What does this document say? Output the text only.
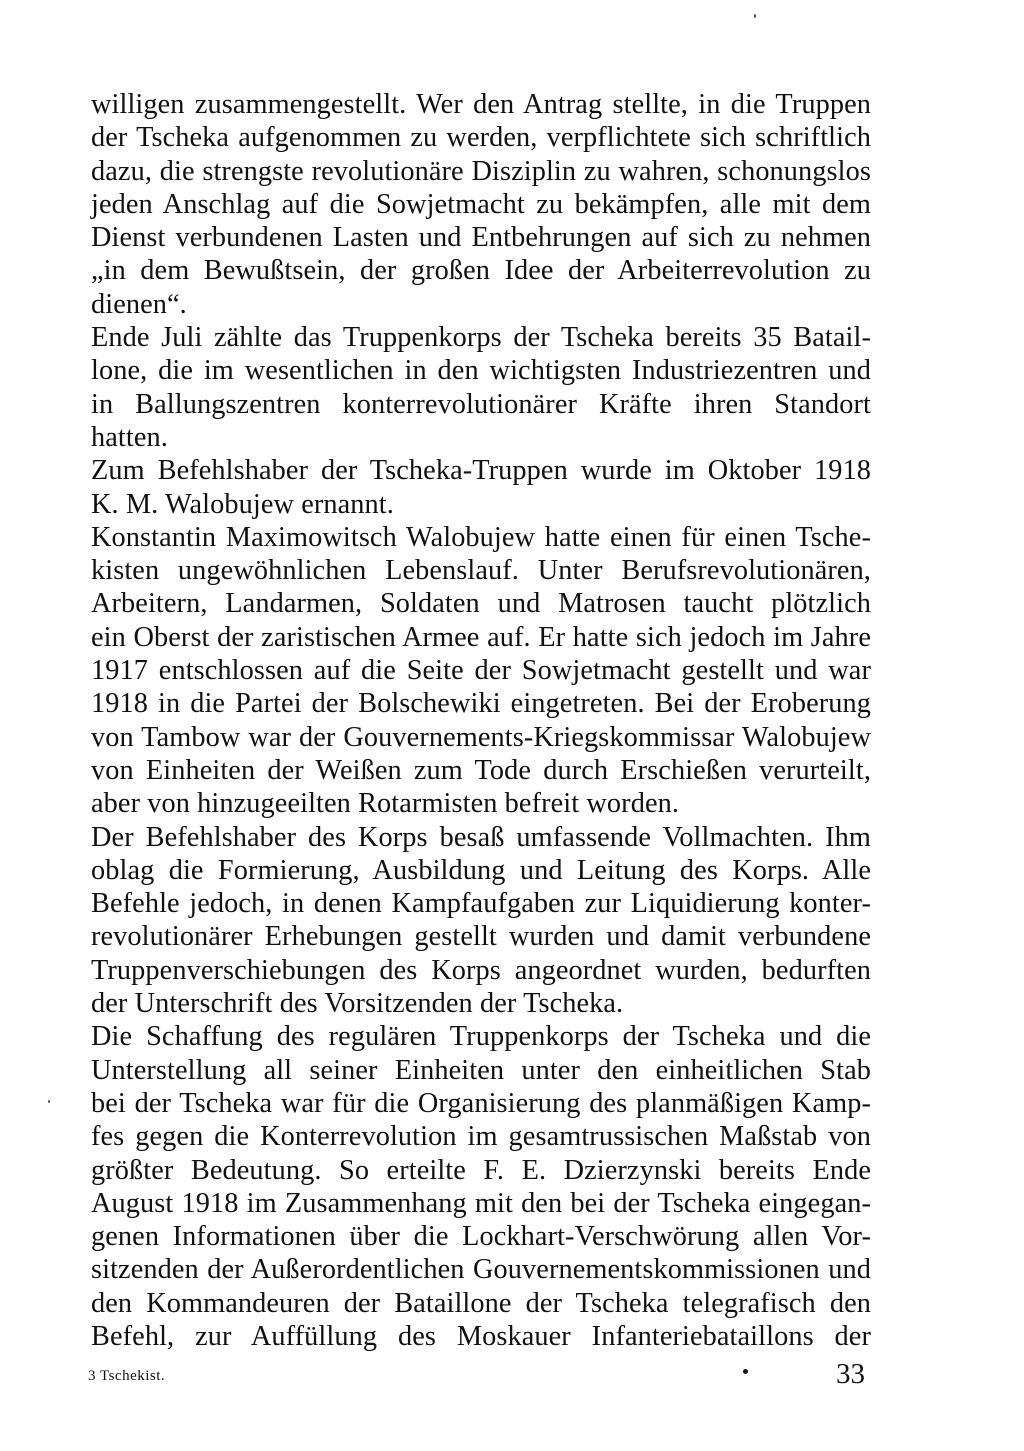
willigen zusammengestellt. Wer den Antrag stellte, in die Truppen
der Tscheka aufgenommen zu werden, verpflichtete sich schriftlich
dazu, die strengste revolutionäre Disziplin zu wahren, schonungslos
jeden Anschlag auf die Sowjetmacht zu bekämpfen, alle mit dem
Dienst verbundenen Lasten und Entbehrungen auf sich zu nehmen
„in dem Bewußtsein, der großen Idee der Arbeiterrevolution zu
dienen“.
Ende Juli zählte das Truppenkorps der Tscheka bereits 35 Batail-
lone, die im wesentlichen in den wichtigsten Industriezentren und
in Ballungszentren konterrevolutionärer Kräfte ihren Standort
hatten.
Zum Befehlshaber der Tscheka-Truppen wurde im Oktober 1918
K. M. Walobujew ernannt.
Konstantin Maximowitsch Walobujew hatte einen für einen Tsche-
kisten ungewöhnlichen Lebenslauf. Unter Berufsrevolutionären,
Arbeitern, Landarmen, Soldaten und Matrosen taucht plötzlich
ein Oberst der zaristischen Armee auf. Er hatte sich jedoch im Jahre
1917 entschlossen auf die Seite der Sowjetmacht gestellt und war
1918 in die Partei der Bolschewiki eingetreten. Bei der Eroberung
von Tambow war der Gouvernements-Kriegskommissar Walobujew
von Einheiten der Weißen zum Tode durch Erschießen verurteilt,
aber von hinzugeeilten Rotarmisten befreit worden.
Der Befehlshaber des Korps besaß umfassende Vollmachten. Ihm
oblag die Formierung, Ausbildung und Leitung des Korps. Alle
Befehle jedoch, in denen Kampfaufgaben zur Liquidierung konter-
revolutionärer Erhebungen gestellt wurden und damit verbundene
Truppenverschiebungen des Korps angeordnet wurden, bedurften
der Unterschrift des Vorsitzenden der Tscheka.
Die Schaffung des regulären Truppenkorps der Tscheka und die
Unterstellung all seiner Einheiten unter den einheitlichen Stab
bei der Tscheka war für die Organisierung des planmäßigen Kamp-
fes gegen die Konterrevolution im gesamtrussischen Maßstab von
größter Bedeutung. So erteilte F. E. Dzierzynski bereits Ende
August 1918 im Zusammenhang mit den bei der Tscheka eingegan-
genen Informationen über die Lockhart-Verschwörung allen Vor-
sitzenden der Außerordentlichen Gouvernementskommissionen und
den Kommandeuren der Bataillone der Tscheka telegrafisch den
Befehl, zur Auffüllung des Moskauer Infanteriebataillons der
3 Tschekist.	33
